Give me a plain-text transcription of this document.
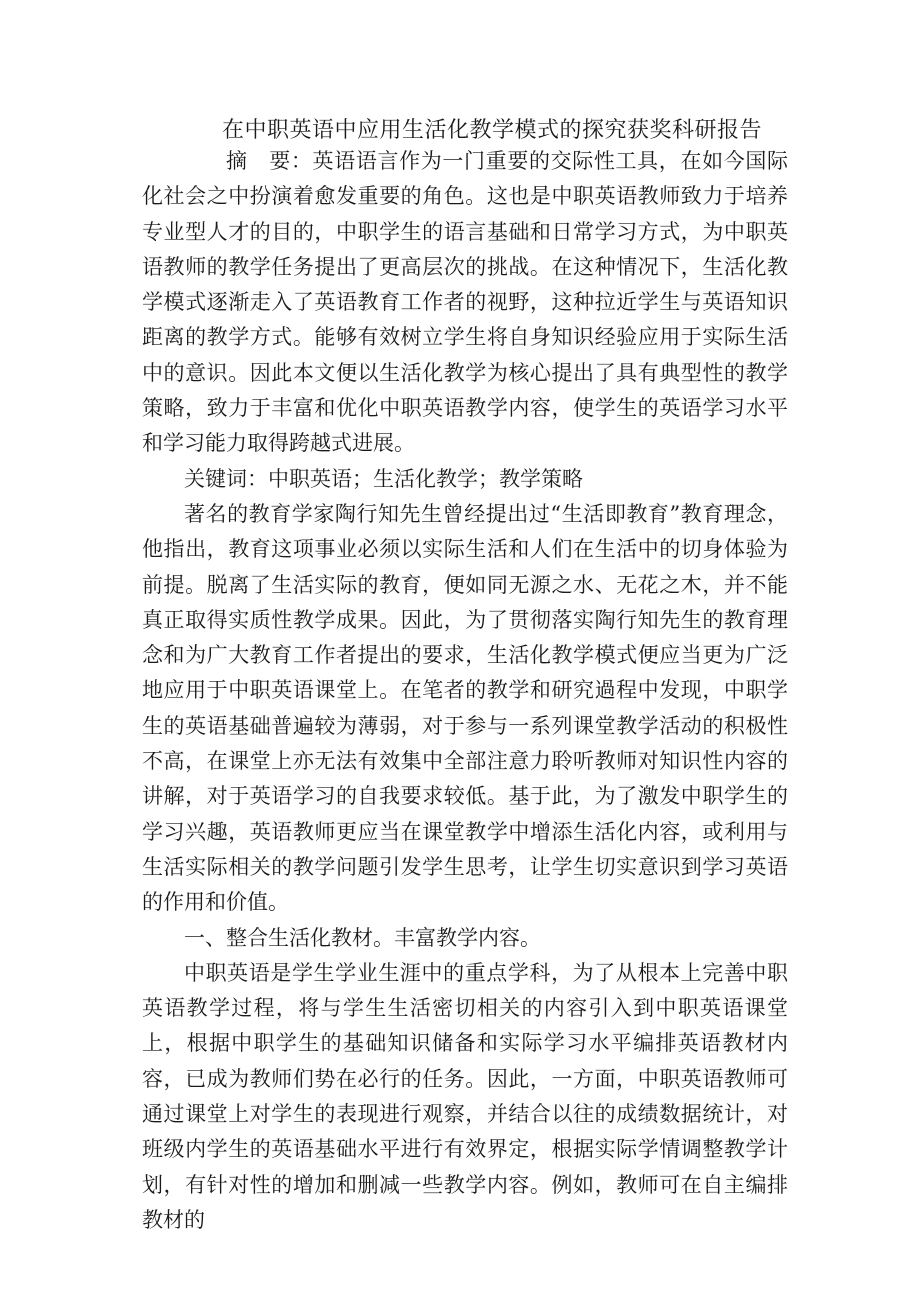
在中职英语中应用生活化教学模式的探究获奖科研报告

摘　要：英语语言作为一门重要的交际性工具，在如今国际化社会之中扮演着愈发重要的角色。这也是中职英语教师致力于培养专业型人才的目的，中职学生的语言基础和日常学习方式，为中职英语教师的教学任务提出了更高层次的挑战。在这种情况下，生活化教学模式逐渐走入了英语教育工作者的视野，这种拉近学生与英语知识距离的教学方式。能够有效树立学生将自身知识经验应用于实际生活中的意识。因此本文便以生活化教学为核心提出了具有典型性的教学策略，致力于丰富和优化中职英语教学内容，使学生的英语学习水平和学习能力取得跨越式进展。

关键词：中职英语；生活化教学；教学策略

著名的教育学家陶行知先生曾经提出过“生活即教育”教育理念，他指出，教育这项事业必须以实际生活和人们在生活中的切身体验为前提。脱离了生活实际的教育，便如同无源之水、无花之木，并不能真正取得实质性教学成果。因此，为了贯彻落实陶行知先生的教育理念和为广大教育工作者提出的要求，生活化教学模式便应当更为广泛地应用于中职英语课堂上。在笔者的教学和研究過程中发现，中职学生的英语基础普遍较为薄弱，对于参与一系列课堂教学活动的积极性不高，在课堂上亦无法有效集中全部注意力聆听教师对知识性内容的讲解，对于英语学习的自我要求较低。基于此，为了激发中职学生的学习兴趣，英语教师更应当在课堂教学中增添生活化内容，或利用与生活实际相关的教学问题引发学生思考，让学生切实意识到学习英语的作用和价值。

一、整合生活化教材。丰富教学内容。

中职英语是学生学业生涯中的重点学科，为了从根本上完善中职英语教学过程，将与学生生活密切相关的内容引入到中职英语课堂上，根据中职学生的基础知识储备和实际学习水平编排英语教材内容，已成为教师们势在必行的任务。因此，一方面，中职英语教师可通过课堂上对学生的表现进行观察，并结合以往的成绩数据统计，对班级内学生的英语基础水平进行有效界定，根据实际学情调整教学计划，有针对性的增加和删减一些教学内容。例如，教师可在自主编排教材的
